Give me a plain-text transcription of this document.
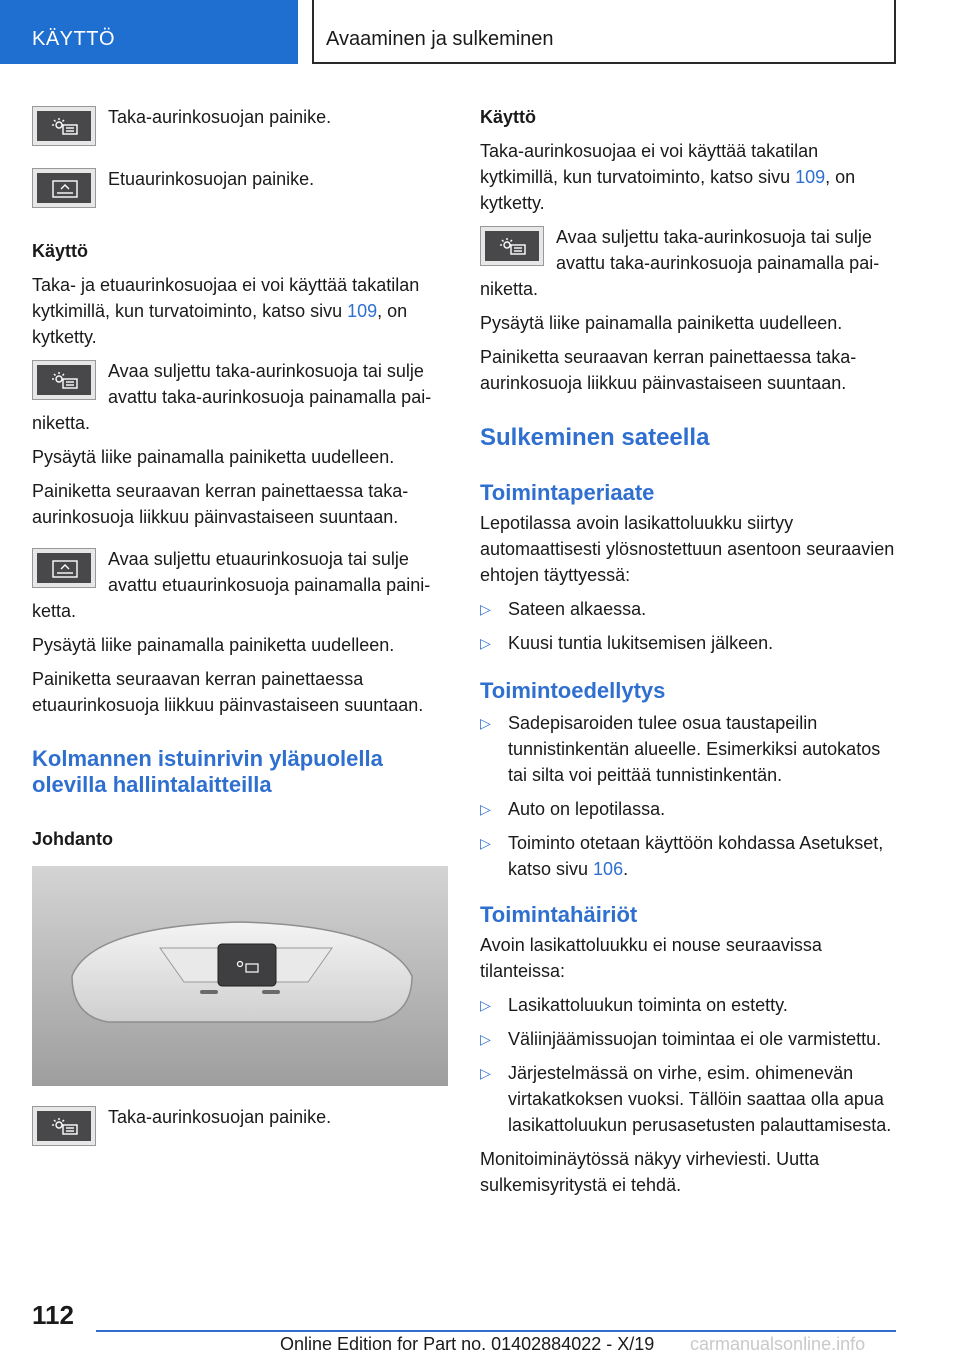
KÄYTTÖ	Avaaminen ja sulkeminen
Taka-aurinkosuojan painike.
Etuaurinkosuojan painike.

Käyttö

Taka- ja etuaurinkosuojaa ei voi käyttää takatilan kytkimillä, kun turvatoiminto, katso sivu 109, on kytketty.

Avaa suljettu taka-aurinkosuoja tai sulje avattu taka-aurinkosuoja painamalla pai-
niketta.

Pysäytä liike painamalla painiketta uudelleen.

Painiketta seuraavan kerran painettaessa taka-aurinkosuoja liikkuu päinvastaiseen suuntaan.

Avaa suljettu etuaurinkosuoja tai sulje avattu etuaurinkosuoja painamalla paini-
ketta.

Pysäytä liike painamalla painiketta uudelleen.

Painiketta seuraavan kerran painettaessa etuaurinkosuoja liikkuu päinvastaiseen suuntaan.

Kolmannen istuinrivin yläpuolella olevilla hallintalaitteilla

Johdanto

Taka-aurinkosuojan painike.

Käyttö

Taka-aurinkosuojaa ei voi käyttää takatilan kytkimillä, kun turvatoiminto, katso sivu 109, on kytketty.

Avaa suljettu taka-aurinkosuoja tai sulje avattu taka-aurinkosuoja painamalla pai-
niketta.

Pysäytä liike painamalla painiketta uudelleen.

Painiketta seuraavan kerran painettaessa taka-aurinkosuoja liikkuu päinvastaiseen suuntaan.

Sulkeminen sateella
Toimintaperiaate

Lepotilassa avoin lasikattoluukku siirtyy automaattisesti ylösnostettuun asentoon seuraavien ehtojen täyttyessä:

▷ Sateen alkaessa.
▷ Kuusi tuntia lukitsemisen jälkeen.
Toimintoedellytys
▷ Sadepisaroiden tulee osua taustapeilin tunnistinkentän alueelle. Esimerkiksi autokatos tai silta voi peittää tunnistinkentän.
▷ Auto on lepotilassa.
▷ Toiminto otetaan käyttöön kohdassa Asetukset, katso sivu 106.
Toimintahäiriöt

Avoin lasikattoluukku ei nouse seuraavissa tilanteissa:

▷ Lasikattoluukun toiminta on estetty.
▷ Väliinjäämissuojan toimintaa ei ole varmistettu.
▷ Järjestelmässä on virhe, esim. ohimenevän virtakatkoksen vuoksi. Tällöin saattaa olla apua lasikattoluukun perusasetusten palauttamisesta.

Monitoiminäytössä näkyy virheviesti. Uutta sulkemisyritystä ei tehdä.

112
Online Edition for Part no. 01402884022 - X/19 carmanualsonline.info
